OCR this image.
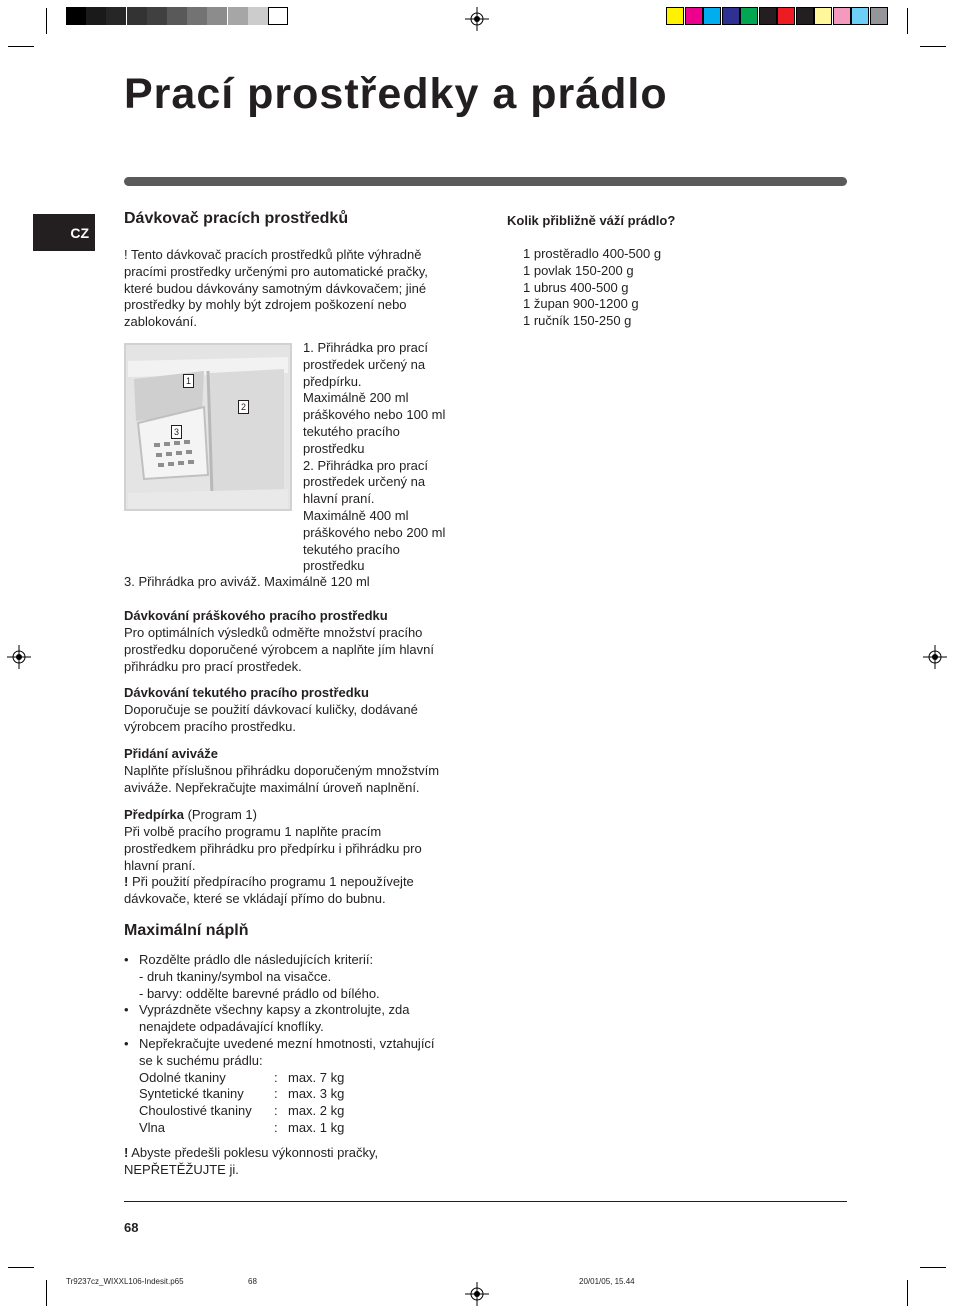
Prací prostředky a prádlo
CZ
Dávkovač pracích prostředků

! Tento dávkovač pracích prostředků plňte výhradně
pracími prostředky určenými pro automatické pračky,
které budou dávkovány samotným dávkovačem; jiné
prostředky by mohly být zdrojem poškození nebo
zablokování.

1
2
3

1. Přihrádka pro prací
prostředek určený na
předpírku.
Maximálně 200 ml
práškového nebo 100 ml
tekutého pracího
prostředku
2. Přihrádka pro prací
prostředek určený na
hlavní praní.
Maximálně 400 ml
práškového nebo 200 ml
tekutého pracího
prostředku

3. Přihrádka pro aviváž. Maximálně 120 ml

Dávkování práškového pracího prostředku

Pro optimálních výsledků odměřte množství pracího
prostředku doporučené výrobcem a naplňte jím hlavní
přihrádku pro prací prostředek.

Dávkování tekutého pracího prostředku

Doporučuje se použití dávkovací kuličky, dodávané
výrobcem pracího prostředku.

Přidání aviváže

Naplňte příslušnou přihrádku doporučeným množstvím
aviváže. Nepřekračujte maximální úroveň naplnění.

Předpírka (Program 1)

Při volbě pracího programu 1 naplňte pracím
prostředkem přihrádku pro předpírku i přihrádku pro
hlavní praní.

! Při použití předpíracího programu 1 nepoužívejte
dávkovače, které se vkládají přímo do bubnu.

Maximální náplň
• Rozdělte prádlo dle následujících kriterií:
- druh tkaniny/symbol na visačce.
- barvy: oddělte barevné prádlo od bílého.
• Vyprázdněte všechny kapsy a zkontrolujte, zda
nenajdete odpadávající knoflíky.
• Nepřekračujte uvedené mezní hmotnosti, vztahující
se k suchému prádlu:
Odolné tkaniny	:	max. 7 kg
Syntetické tkaniny	:	max. 3 kg
Choulostivé tkaniny	:	max. 2 kg
Vlna	:	max. 1 kg

! Abyste předešli poklesu výkonnosti pračky,
NEPŘETĚŽUJTE ji.

Kolik přibližně váží prádlo?

1 prostěradlo 400-500 g
1 povlak 150-200 g
1 ubrus 400-500 g
1 župan 900-1200 g
1 ručník 150-250 g
68
Tr9237cz_WIXXL106-Indesit.p65	68	20/01/05, 15.44
